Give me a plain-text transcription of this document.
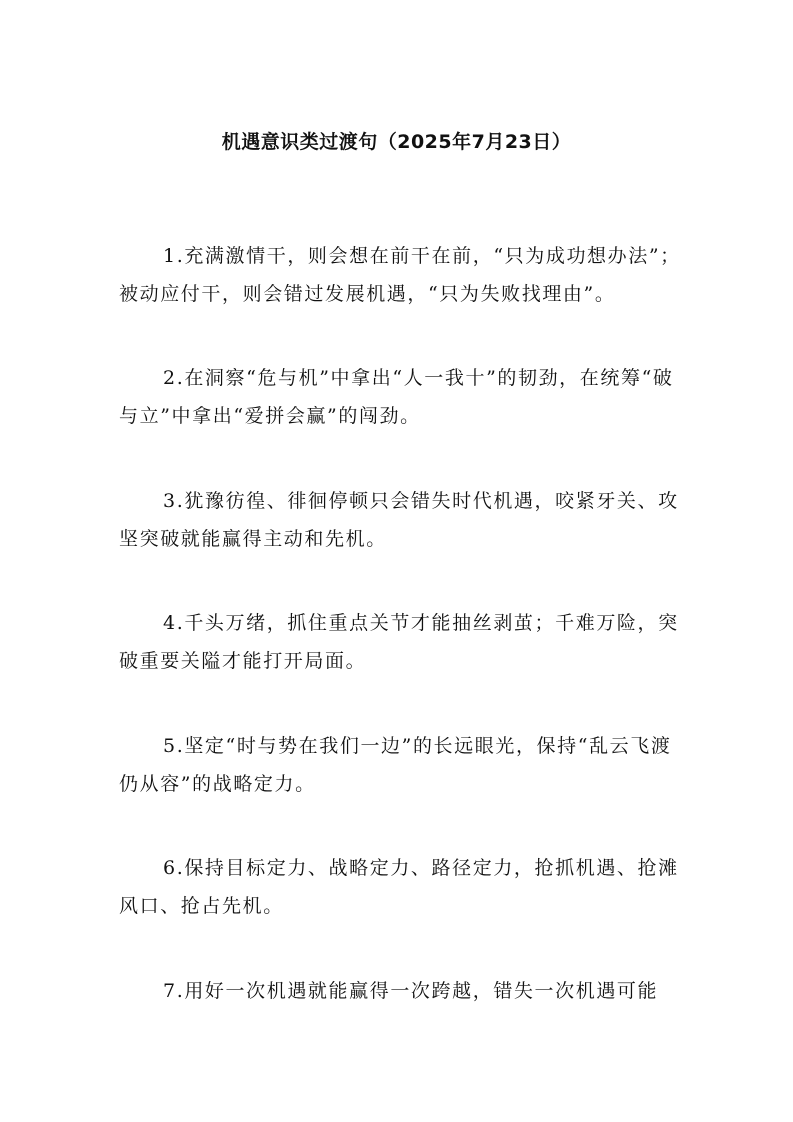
机遇意识类过渡句（2025年7月23日）

1.充满激情干，则会想在前干在前，“只为成功想办法”；被动应付干，则会错过发展机遇，“只为失败找理由”。

2.在洞察“危与机”中拿出“人一我十”的韧劲，在统筹“破与立”中拿出“爱拼会赢”的闯劲。

3.犹豫彷徨、徘徊停顿只会错失时代机遇，咬紧牙关、攻坚突破就能赢得主动和先机。

4.千头万绪，抓住重点关节才能抽丝剥茧；千难万险，突破重要关隘才能打开局面。

5.坚定“时与势在我们一边”的长远眼光，保持“乱云飞渡仍从容”的战略定力。

6.保持目标定力、战略定力、路径定力，抢抓机遇、抢滩风口、抢占先机。

7.用好一次机遇就能赢得一次跨越，错失一次机遇可能
